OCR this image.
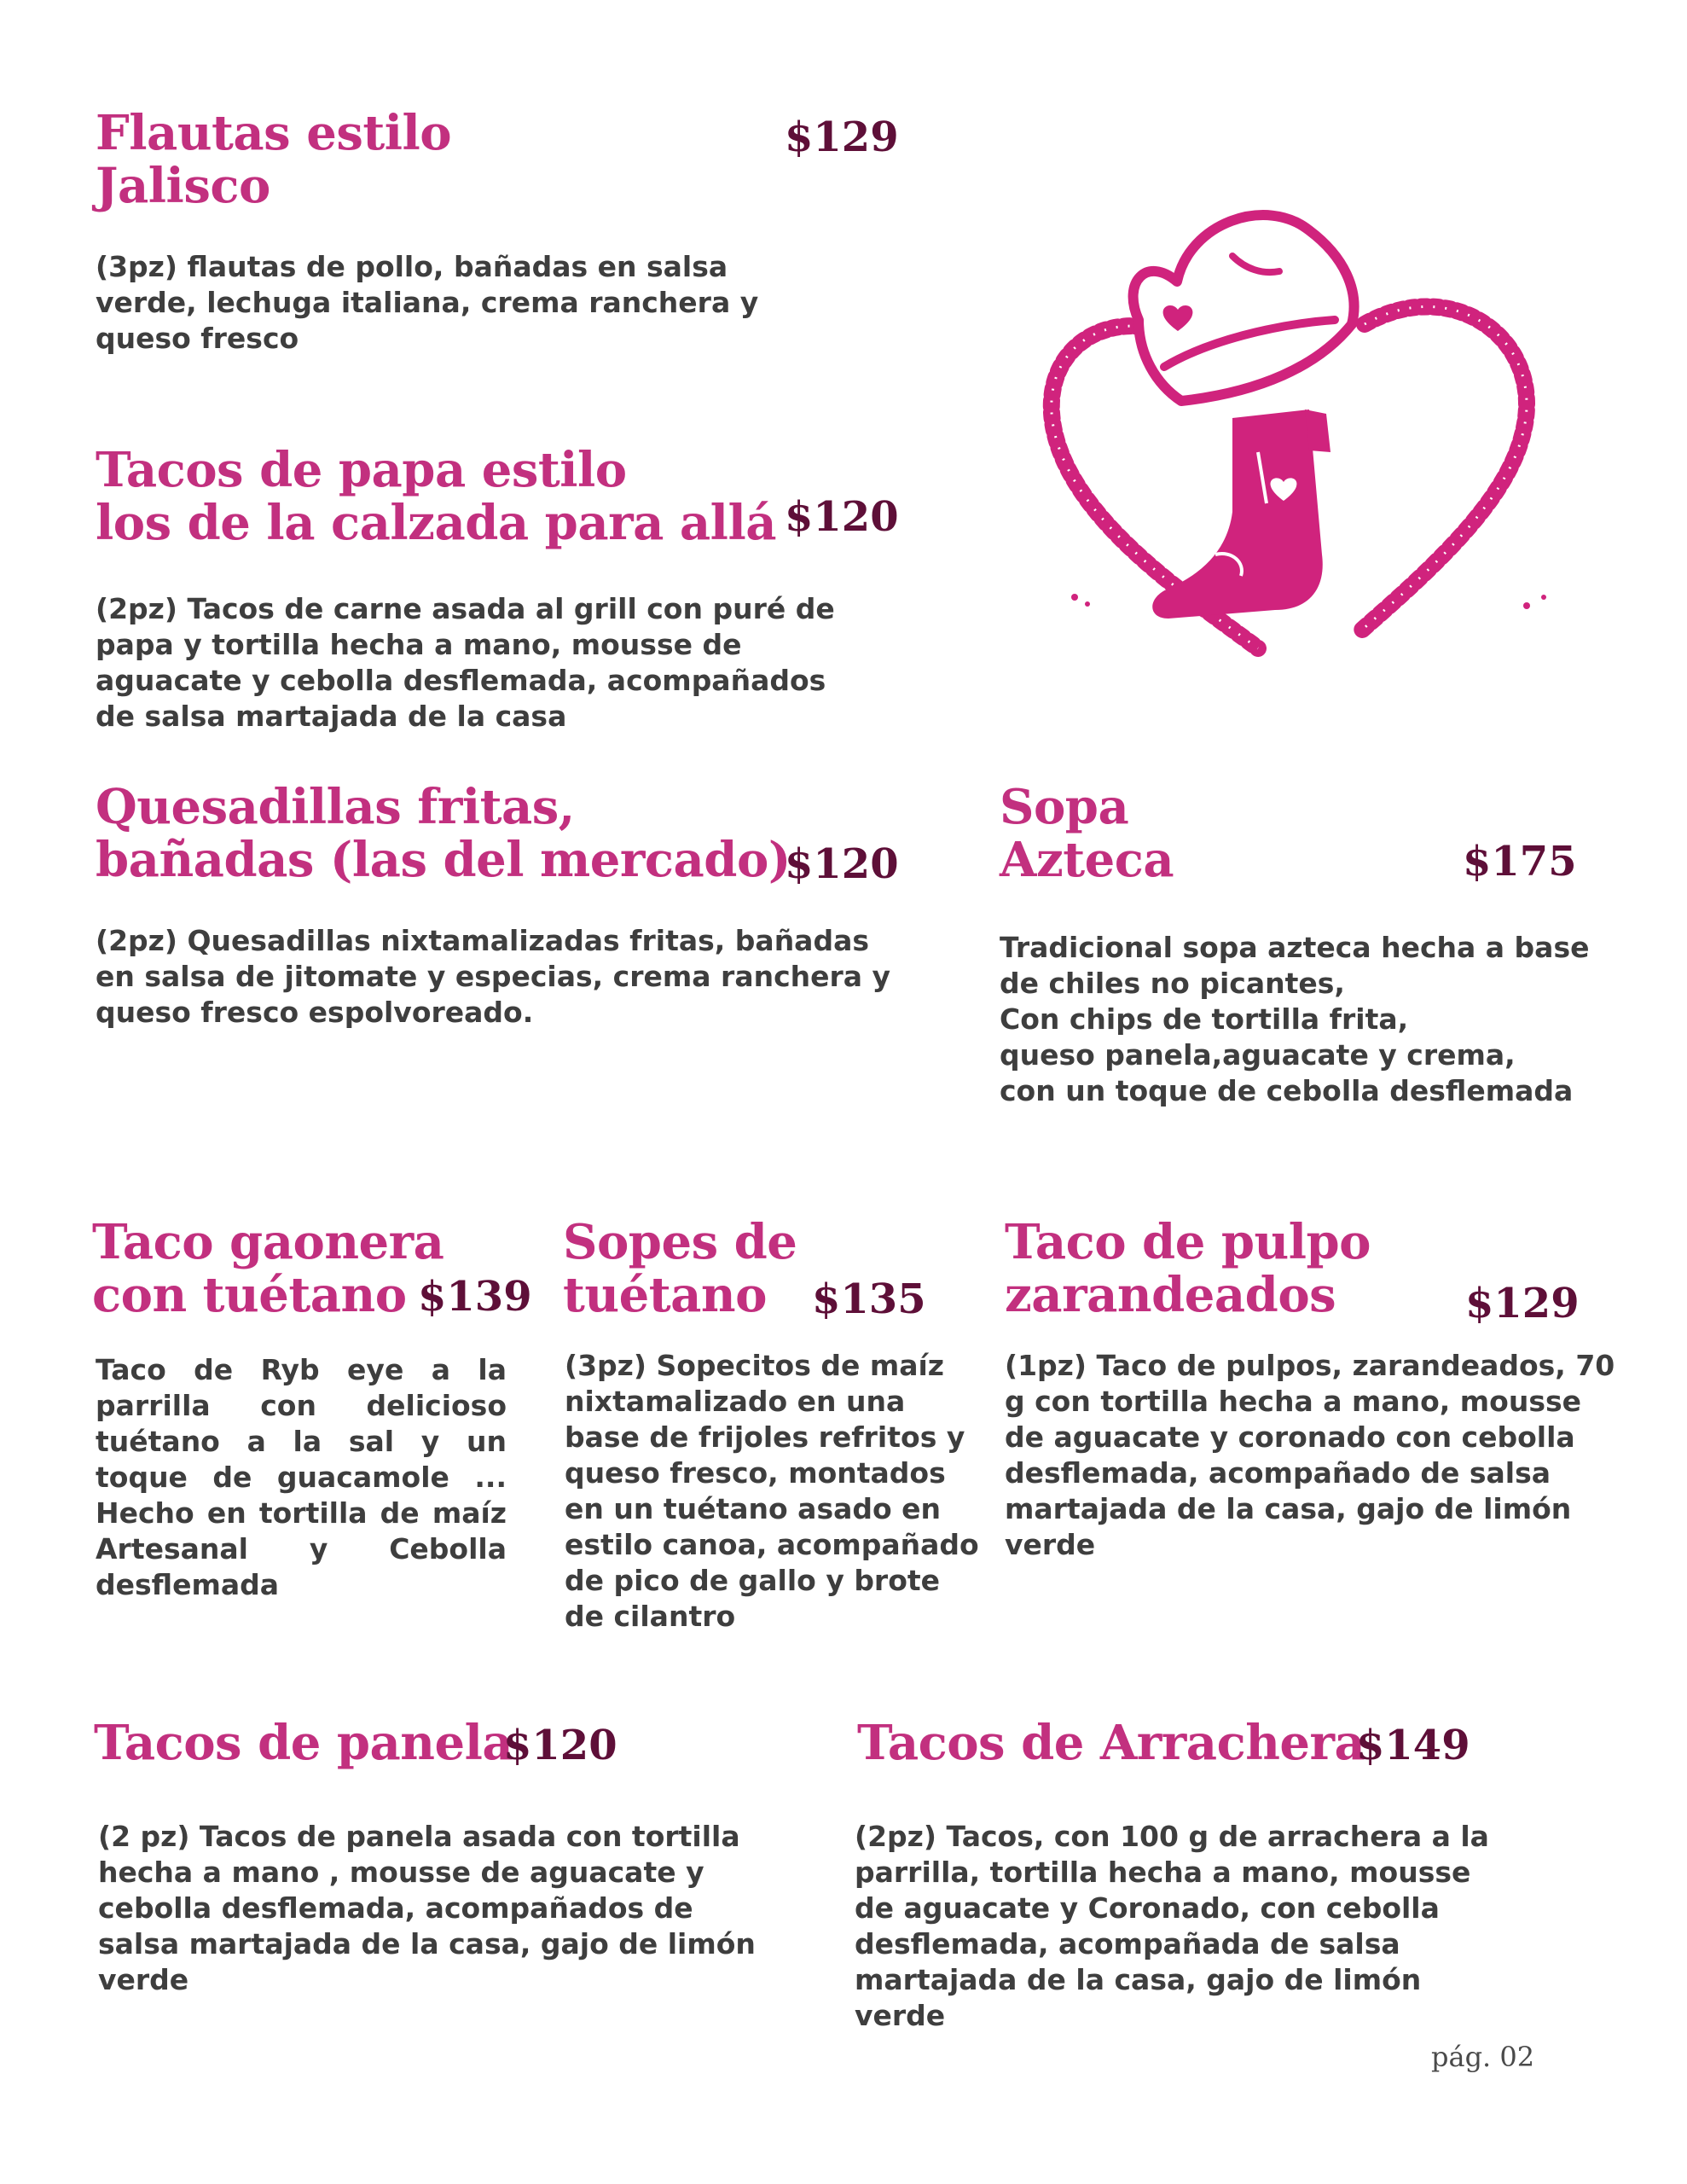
Flautas estilo
Jalisco
$129

(3pz) flautas de pollo, bañadas en salsa
verde, lechuga italiana, crema ranchera y
queso fresco

Tacos de papa estilo
los de la calzada para allá $120

(2pz) Tacos de carne asada al grill con puré de
papa y tortilla hecha a mano, mousse de
aguacate y cebolla desflemada, acompañados
de salsa martajada de la casa

Quesadillas fritas,
bañadas (las del mercado)
$120

(2pz) Quesadillas nixtamalizadas fritas, bañadas
en salsa de jitomate y especias, crema ranchera y
queso fresco espolvoreado.

Sopa
Azteca	$175

Tradicional sopa azteca hecha a base
de chiles no picantes,
Con chips de tortilla frita,
queso panela,aguacate y crema,
con un toque de cebolla desflemada

Taco gaonera
con tuétano $139

Taco de Ryb eye a la parrilla con delicioso tuétano a la sal y un toque de guacamole ... Hecho en tortilla de maíz Artesanal y Cebolla desflemada

Sopes de
tuétano	$135

(3pz) Sopecitos de maíz
nixtamalizado en una
base de frijoles refritos y
queso fresco, montados
en un tuétano asado en
estilo canoa, acompañado
de pico de gallo y brote
de cilantro

Taco de pulpo
zarandeados	$129

(1pz) Taco de pulpos, zarandeados, 70
g con tortilla hecha a mano, mousse
de aguacate y coronado con cebolla
desflemada, acompañado de salsa
martajada de la casa, gajo de limón
verde

Tacos de panela
$120

(2 pz) Tacos de panela asada con tortilla
hecha a mano , mousse de aguacate y
cebolla desflemada, acompañados de
salsa martajada de la casa, gajo de limón
verde

Tacos de Arrachera
$149

(2pz) Tacos, con 100 g de arrachera a la
parrilla, tortilla hecha a mano, mousse
de aguacate y Coronado, con cebolla
desflemada, acompañada de salsa
martajada de la casa, gajo de limón
verde

pág. 02
